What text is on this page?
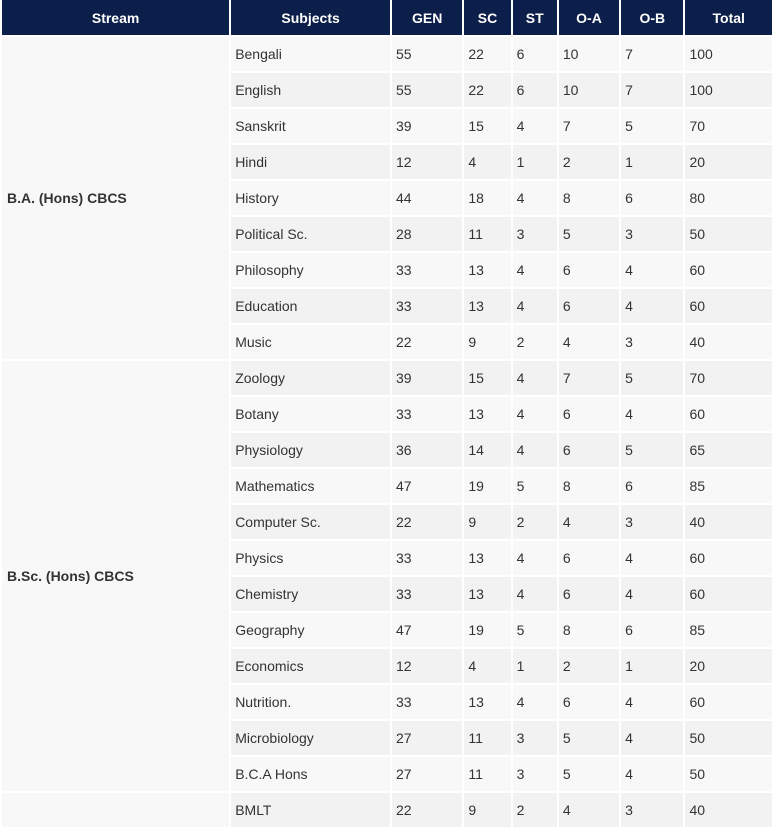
Stream	Subjects	GEN	SC	ST	O-A	O-B	Total
B.A. (Hons) CBCS	Bengali	55	22	6	10	7	100
	English	55	22	6	10	7	100
	Sanskrit	39	15	4	7	5	70
	Hindi	12	4	1	2	1	20
	History	44	18	4	8	6	80
	Political Sc.	28	11	3	5	3	50
	Philosophy	33	13	4	6	4	60
	Education	33	13	4	6	4	60
	Music	22	9	2	4	3	40
B.Sc. (Hons) CBCS	Zoology	39	15	4	7	5	70
	Botany	33	13	4	6	4	60
	Physiology	36	14	4	6	5	65
	Mathematics	47	19	5	8	6	85
	Computer Sc.	22	9	2	4	3	40
	Physics	33	13	4	6	4	60
	Chemistry	33	13	4	6	4	60
	Geography	47	19	5	8	6	85
	Economics	12	4	1	2	1	20
	Nutrition.	33	13	4	6	4	60
	Microbiology	27	11	3	5	4	50
	B.C.A Hons	27	11	3	5	4	50
	BMLT	22	9	2	4	3	40
